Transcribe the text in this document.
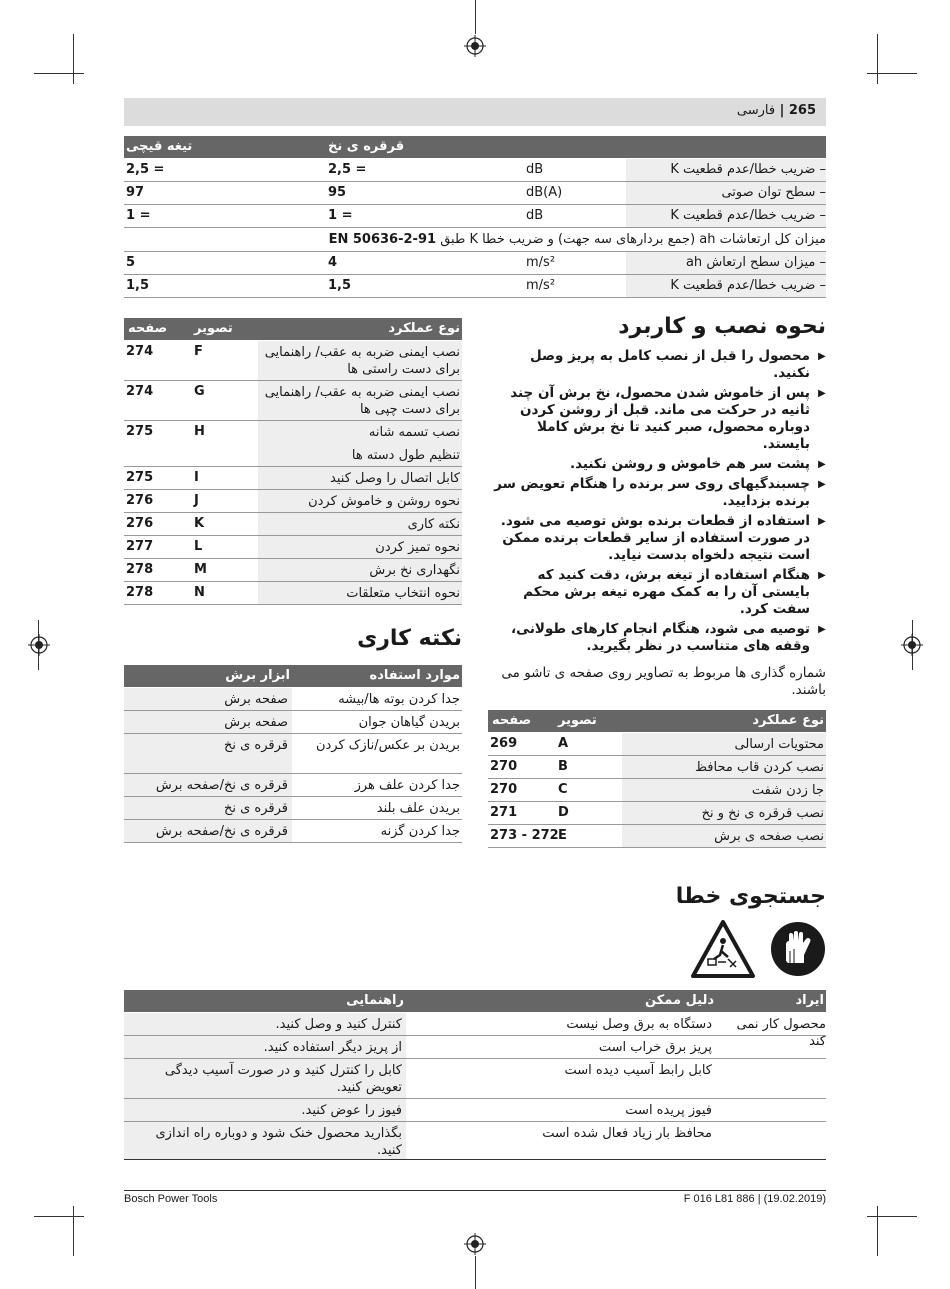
265 | فارسی
قرقره ی نخ
تیغه قیچی
– ضریب خطا/عدم قطعیت K
dB
2,5 =
2,5 =
– سطح توان صوتی
dB(A)
95
97
– ضریب خطا/عدم قطعیت K
dB
1 =
1 =
میزان کل ارتعاشات ah (جمع بردارهای سه جهت) و ضریب خطا K طبق EN 50636-2-91
– میزان سطح ارتعاش ah
m/s²
4
5
– ضریب خطا/عدم قطعیت K
m/s²
1,5
1,5
نحوه نصب و کاربرد
◀ محصول را قبل از نصب کامل به پریز وصل نکنید.
◀ پس از خاموش شدن محصول، نخ برش آن چند ثانیه در حرکت می ماند. قبل از روشن کردن دوباره محصول، صبر کنید تا نخ برش کاملا بایستد.
◀ پشت سر هم خاموش و روشن نکنید.
◀ چسبندگیهای روی سر برنده را هنگام تعویض سر برنده بزدایید.
◀ استفاده از قطعات برنده بوش توصیه می شود. در صورت استفاده از سایر قطعات برنده ممکن است نتیجه دلخواه بدست نیاید.
◀ هنگام استفاده از تیغه برش، دقت کنید که بایستی آن را به کمک مهره تیغه برش محکم سفت کرد.
◀ توصیه می شود، هنگام انجام کارهای طولانی، وقفه های متناسب در نظر بگیرید.
شماره گذاری ها مربوط به تصاویر روی صفحه ی تاشو می باشند.
نوع عملکرد
تصویر
صفحه
محتویات ارسالی
A
269
نصب کردن قاب محافظ
B
270
جا زدن شفت
C
270
نصب قرقره ی نخ و نخ
D
271
نصب صفحه ی برش
E
273 - 272
نوع عملکرد
تصویر
صفحه
نصب ایمنی ضربه به عقب/ راهنمایی برای دست راستی ها
F
274
نصب ایمنی ضربه به عقب/ راهنمایی برای دست چپی ها
G
274
نصب تسمه شانه
تنظیم طول دسته ها
H
275
کابل اتصال را وصل کنید
I
275
نحوه روشن و خاموش کردن
J
276
نکته کاری
K
276
نحوه تمیز کردن
L
277
نگهداری نخ برش
M
278
نحوه انتخاب متعلقات
N
278
نکته کاری
موارد استفاده
ابزار برش
جدا کردن بوته ها/بیشه
صفحه برش
بریدن گیاهان جوان
صفحه برش
بریدن بر عکس/نازک کردن
قرقره ی نخ
جدا کردن علف هرز
قرقره ی نخ/صفحه برش
بریدن علف بلند
قرقره ی نخ
جدا کردن گزنه
قرقره ی نخ/صفحه برش
جستجوی خطا
ایراد
دلیل ممکن
راهنمایی
محصول کار نمی کند
دستگاه به برق وصل نیست
کنترل کنید و وصل کنید.
پریز برق خراب است
از پریز دیگر استفاده کنید.
کابل رابط آسیب دیده است
کابل را کنترل کنید و در صورت آسیب دیدگی تعویض کنید.
فیوز پریده است
فیوز را عوض کنید.
محافظ بار زیاد فعال شده است
بگذارید محصول خنک شود و دوباره راه اندازی کنید.
Bosch Power Tools	F 016 L81 886 | (19.02.2019)
